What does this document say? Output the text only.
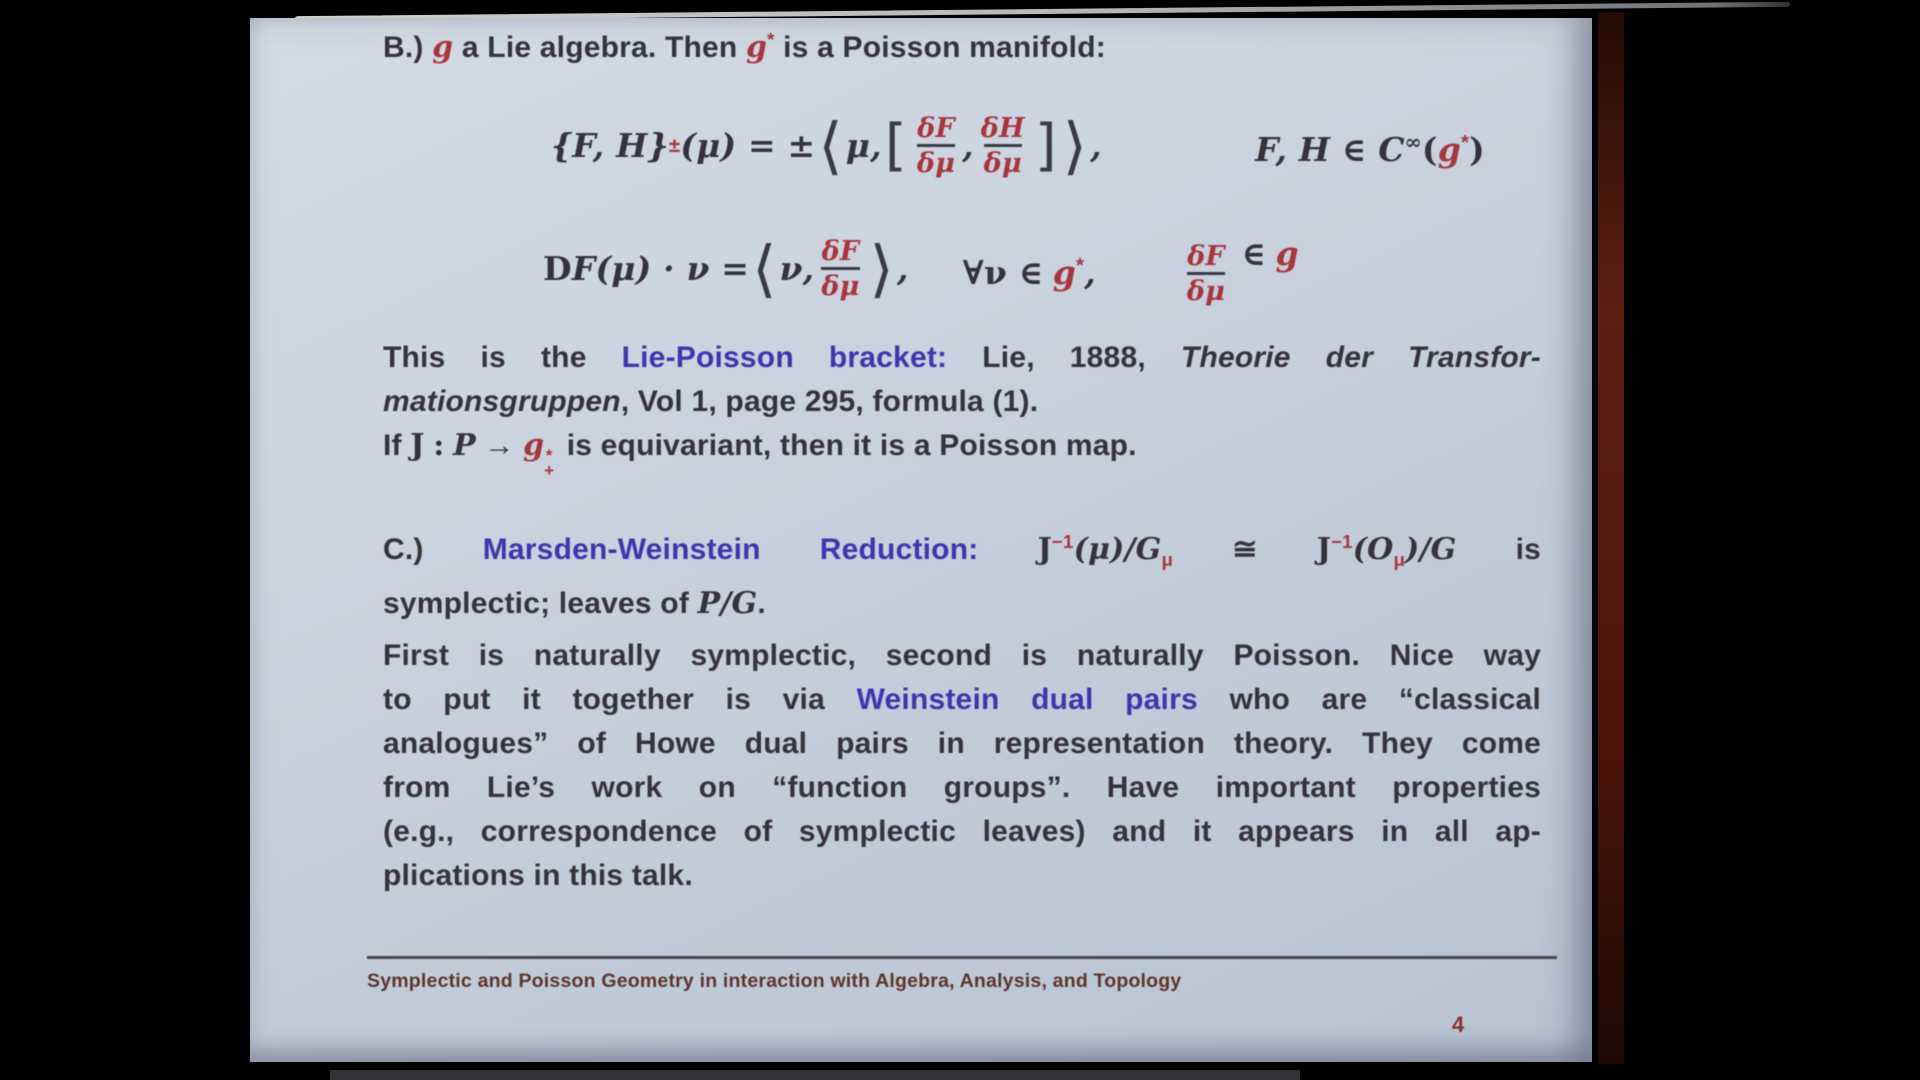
B.) g a Lie algebra. Then g* is a Poisson manifold:
{F, H} ± (μ) = ± ⟨ μ, [ $\frac{\delta F}{\delta\mu}$ , $\frac{\delta H}{\delta\mu}$ ] ⟩ ,	F, H ∈ C∞(g*)
D F(μ) · ν = ⟨ ν, $\frac{\delta F}{\delta\mu}$ ⟩ , ∀ν ∈ g*,	$\frac{\delta F}{\delta\mu}$ ∈ g
This is the Lie-Poisson bracket: Lie, 1888, Theorie der Transfor-
mationsgruppen, Vol 1, page 295, formula (1).
If J : P → g *
+
is equivariant, then it is a Poisson map.
C.) Marsden-Weinstein Reduction: $J^{-1}(\mu)/G_\mu$ ≅ $J^{-1}(O_\mu)/G$ is
symplectic; leaves of P/G.
First is naturally symplectic, second is naturally Poisson. Nice way
to put it together is via Weinstein dual pairs who are “classical
analogues” of Howe dual pairs in representation theory. They come
from Lie’s work on “function groups”. Have important properties
(e.g., correspondence of symplectic leaves) and it appears in all ap-
plications in this talk.
Symplectic and Poisson Geometry in interaction with Algebra, Analysis, and Topology
4
